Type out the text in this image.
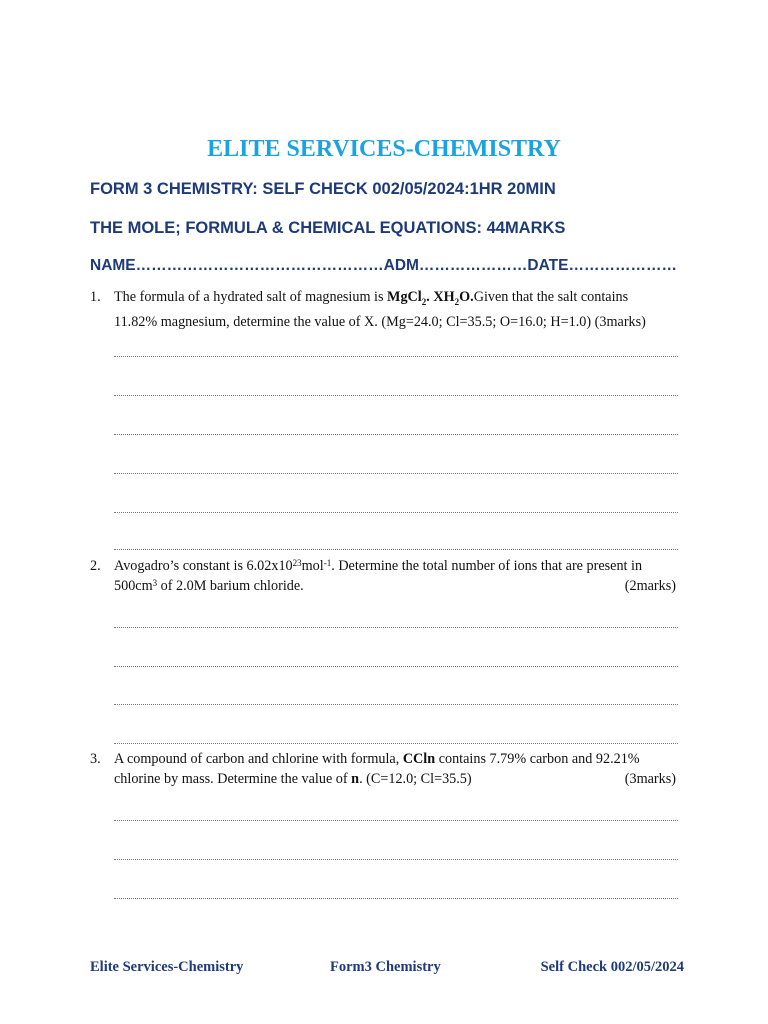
ELITE SERVICES-CHEMISTRY
FORM 3 CHEMISTRY: SELF CHECK 002/05/2024:1HR 20MIN
THE MOLE; FORMULA & CHEMICAL EQUATIONS: 44MARKS
NAME…………………………………………ADM…………………DATE…………………
1. The formula of a hydrated salt of magnesium is MgCl$_2$. $XH_2O.Given$ that the salt contains
11.82% magnesium, determine the value of X. (Mg=24.0; Cl=35.5; O=16.0; H=1.0) (3marks)
2. Avogadro’s constant is $6.02x10^{23}mol^{-1}$. Determine the total number of ions that are present in
$500cm^3$ of 2.0M barium chloride.	(2marks)
3. A compound of carbon and chlorine with formula, CCln contains 7.79% carbon and 92.21%
chlorine by mass. Determine the value of n. (C=12.0; Cl=35.5)	(3marks)
Elite Services-Chemistry	Form3 Chemistry	Self Check 002/05/2024
